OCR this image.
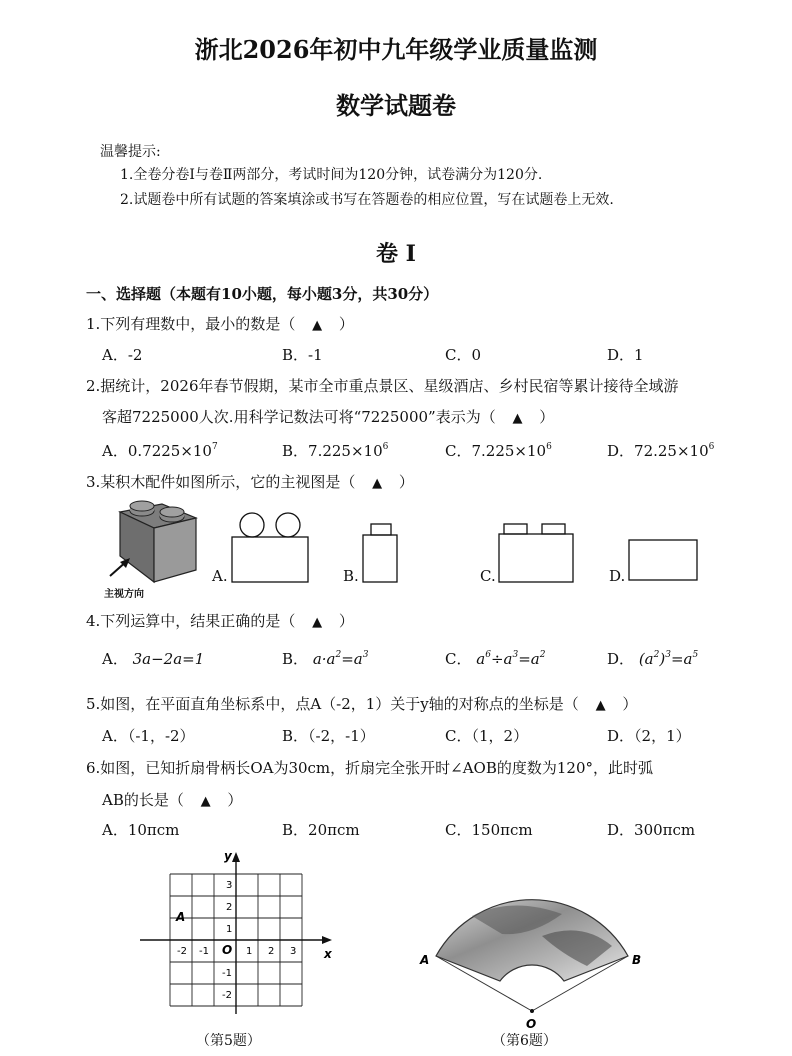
浙北2026年初中九年级学业质量监测
数学试题卷
温馨提示:
1.全卷分卷Ⅰ与卷Ⅱ两部分，考试时间为120分钟，试卷满分为120分.
2.试题卷中所有试题的答案填涂或书写在答题卷的相应位置，写在试题卷上无效.
卷 Ⅰ
一、选择题（本题有10小题，每小题3分，共30分）
1.下列有理数中，最小的数是（ ▲ ）
A．-2	B．-1	C．0	D．1
2.据统计，2026年春节假期，某市全市重点景区、星级酒店、乡村民宿等累计接待全域游
客超7225000人次.用科学记数法可将“7225000”表示为（ ▲ ）
A．$0.7225\times 10^7$	B．$7.225\times 10^6$	C．$7.225\times 10^6$	D．$72.25\times 10^6$
3.某积木配件如图所示，它的主视图是（ ▲ ）
主视方向
A.	B.	C.	D.
4.下列运算中，结果正确的是（ ▲ ）
A． 3a−2a=1	B． $a\cdot a^2=a^3$	C． $a^6\div a^3=a^2$	D． $(a^2)^3=a^5$
5.如图，在平面直角坐标系中，点A（-2，1）关于y轴的对称点的坐标是（ ▲ ）
A．（-1，-2）	B．（-2，-1）	C．（1，2）	D．（2，1）
6.如图，已知折扇骨柄长OA为30cm，折扇完全张开时∠AOB的度数为120°，此时弧
AB的长是（ ▲ ）
A．10πcm	B．20πcm	C．150πcm	D．300πcm
x
y
O
A
-2 -1	1 2 3
3
2
1
-1
-2
（第5题）
A	B
O
（第6题）
